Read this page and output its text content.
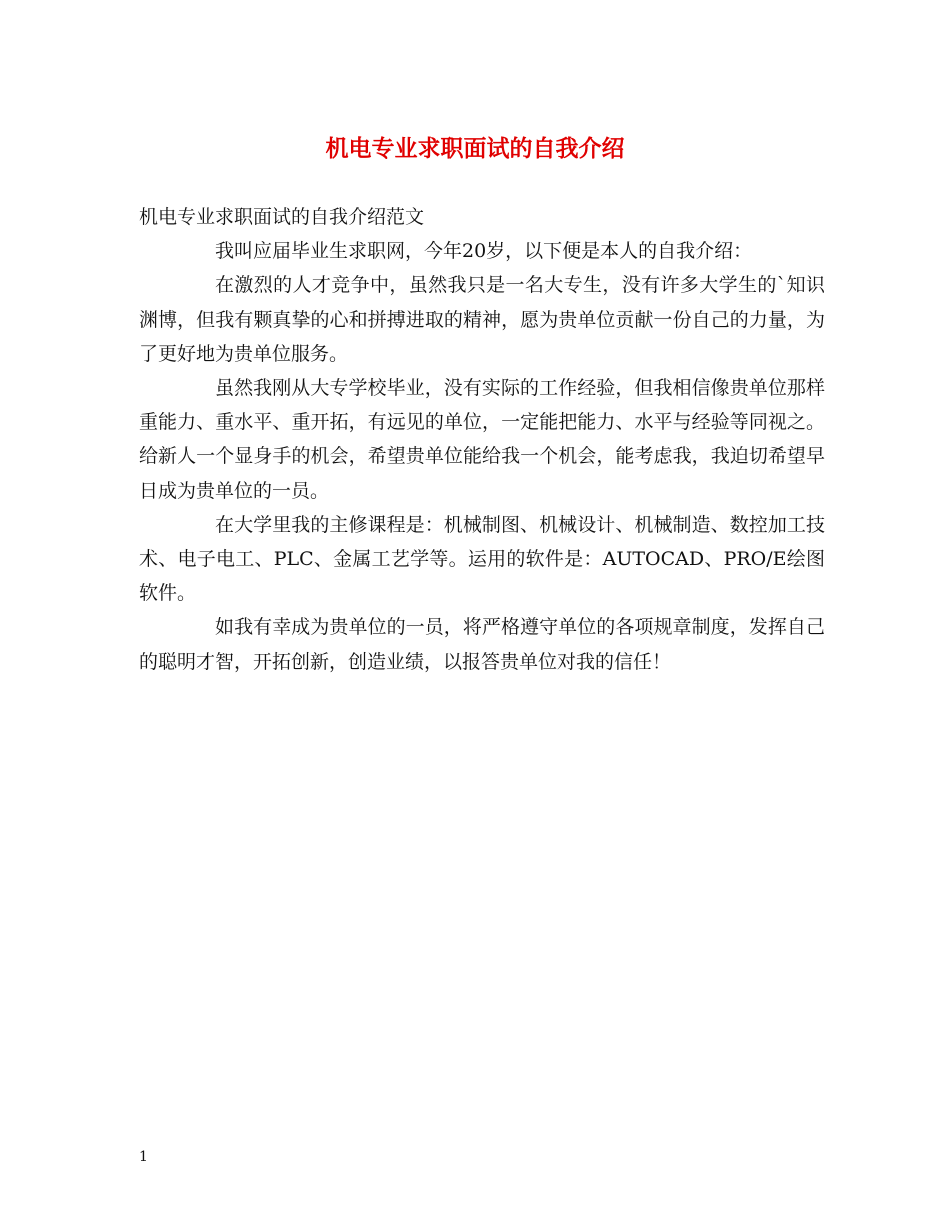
机电专业求职面试的自我介绍

机电专业求职面试的自我介绍范文

我叫应届毕业生求职网，今年20岁，以下便是本人的自我介绍：

在激烈的人才竞争中，虽然我只是一名大专生，没有许多大学生的`知识渊博，但我有颗真挚的心和拼搏进取的精神，愿为贵单位贡献一份自己的力量，为了更好地为贵单位服务。

虽然我刚从大专学校毕业，没有实际的工作经验，但我相信像贵单位那样重能力、重水平、重开拓，有远见的单位，一定能把能力、水平与经验等同视之。给新人一个显身手的机会，希望贵单位能给我一个机会，能考虑我，我迫切希望早日成为贵单位的一员。

在大学里我的主修课程是：机械制图、机械设计、机械制造、数控加工技术、电子电工、PLC、金属工艺学等。运用的软件是：AUTOCAD、PRO/E绘图软件。

如我有幸成为贵单位的一员，将严格遵守单位的各项规章制度，发挥自己的聪明才智，开拓创新，创造业绩，以报答贵单位对我的信任！

1
